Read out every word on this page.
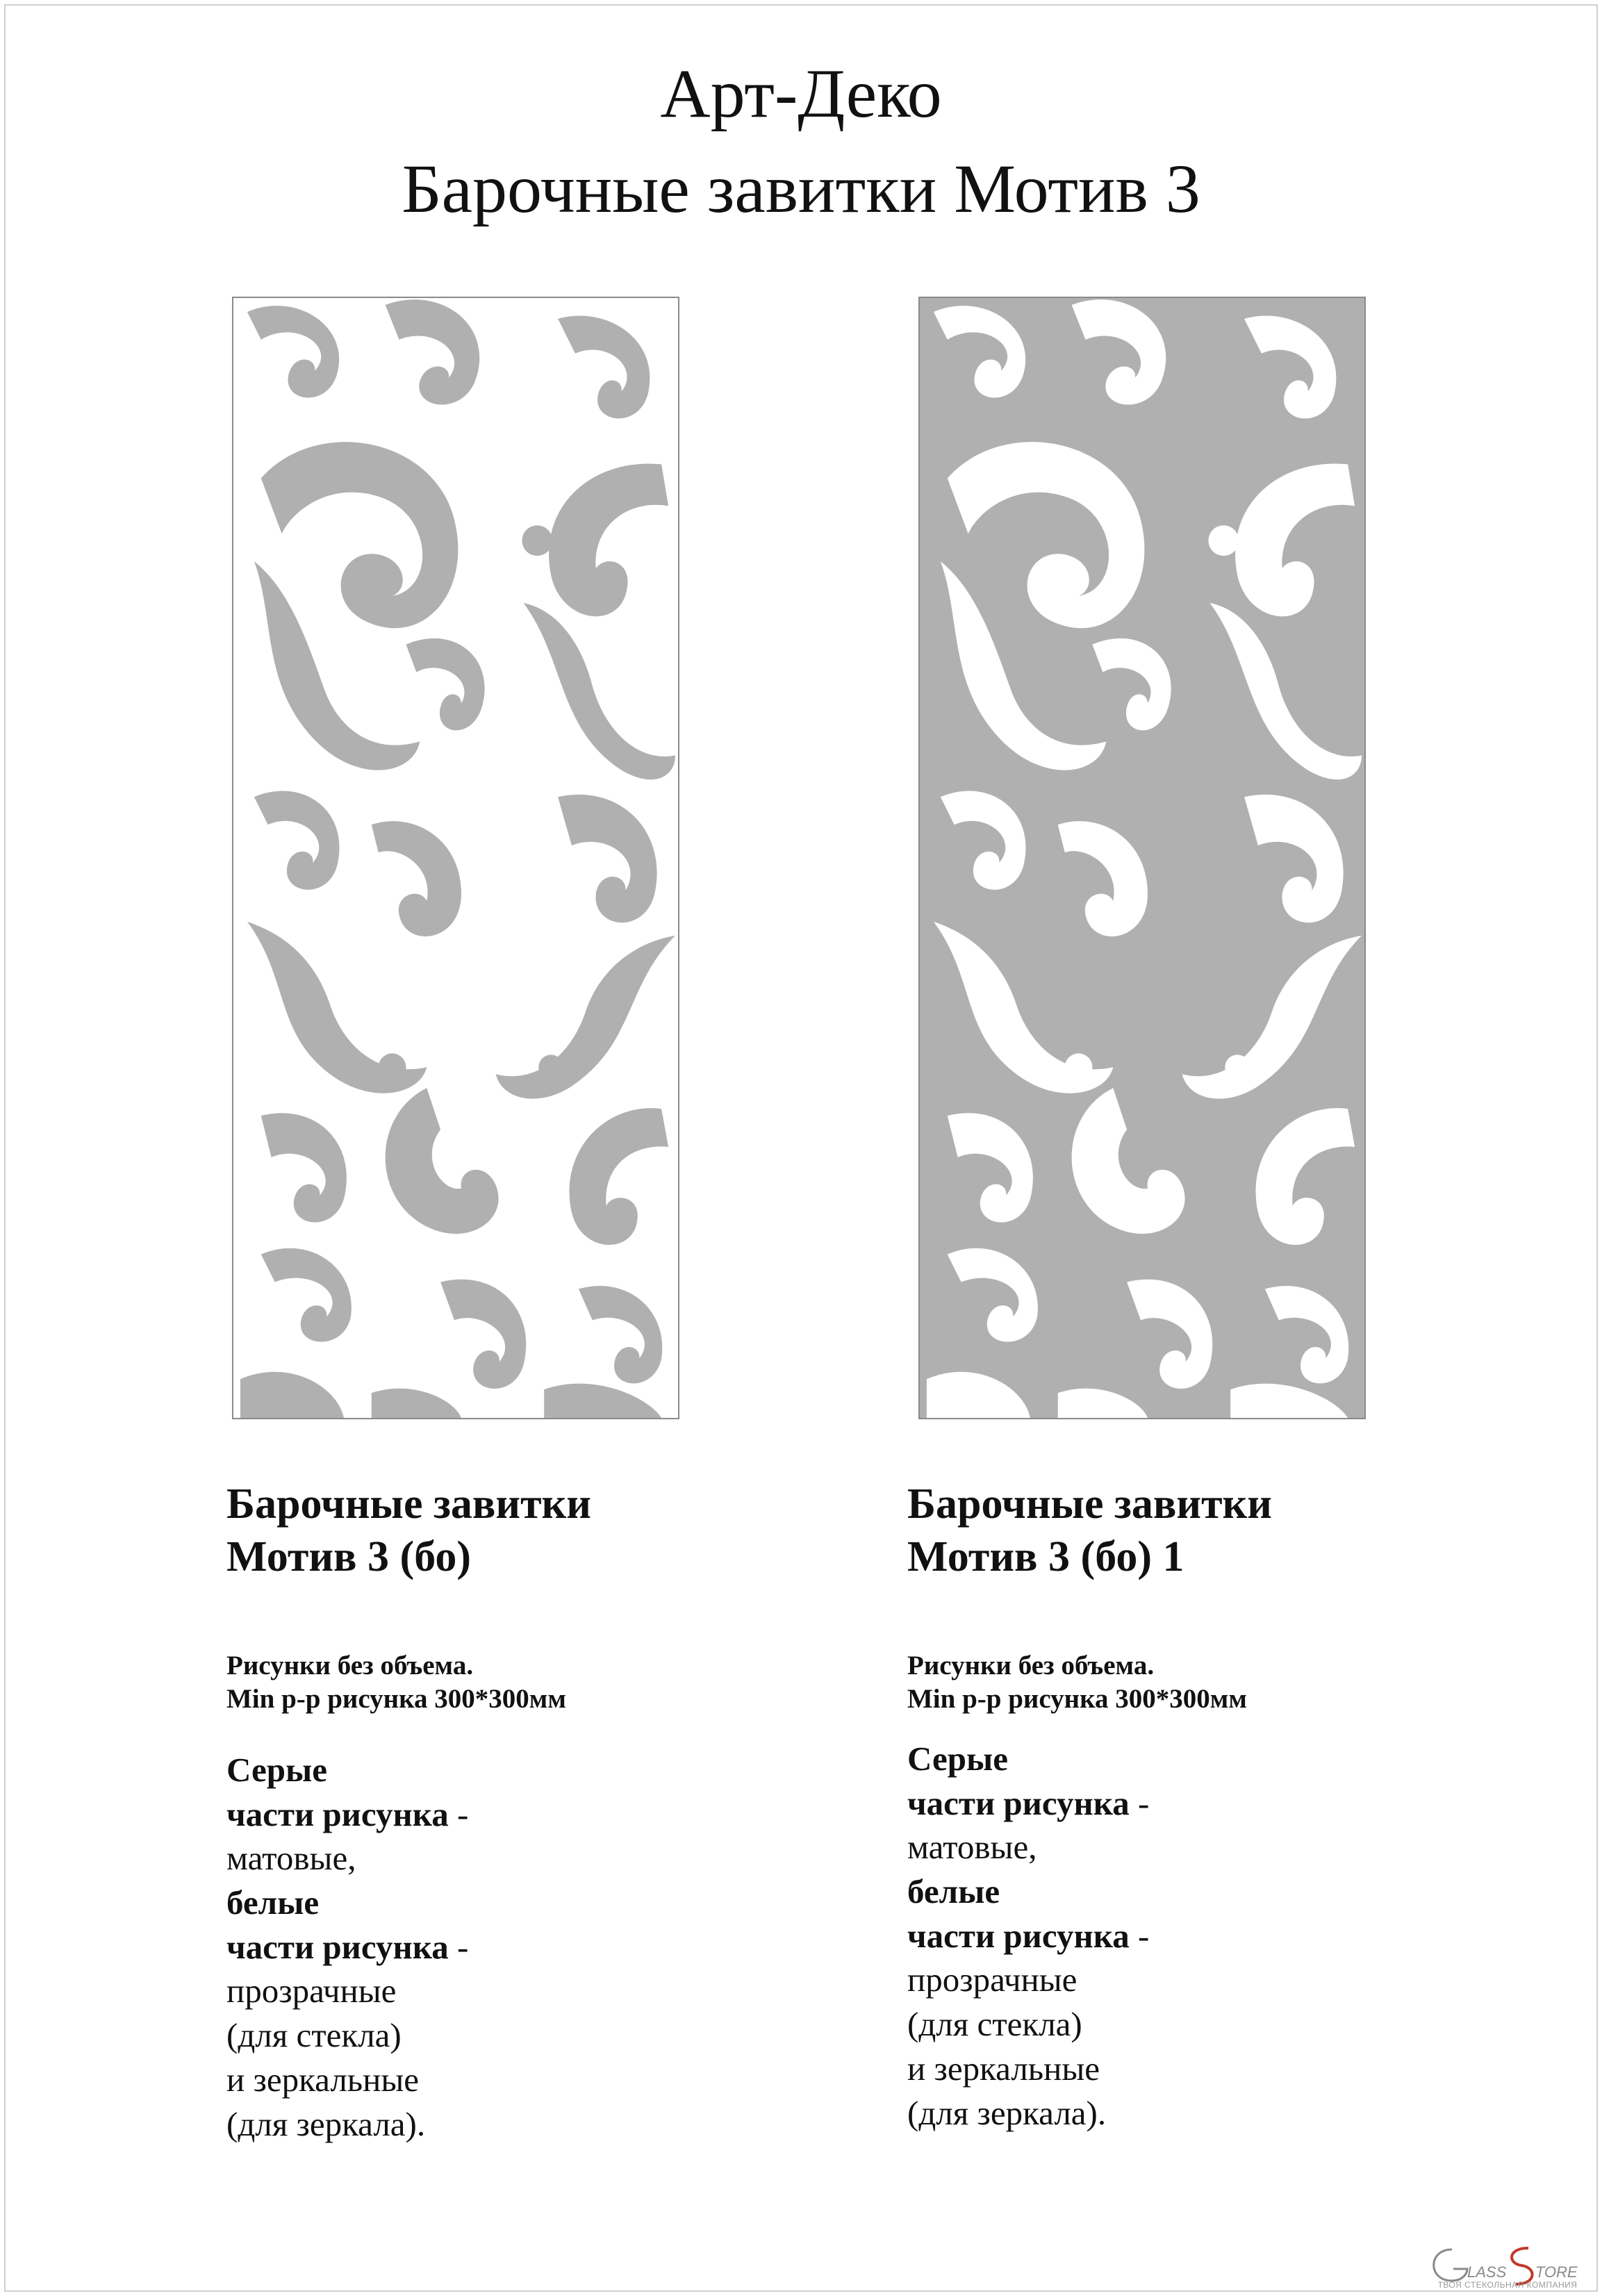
Арт-Деко
Барочные завитки Мотив 3
Барочные завитки
Мотив 3 (бо)
Рисунки без объема.
Min р-р рисунка 300*300мм
Серые
части рисунка -
матовые,
белые
части рисунка -
прозрачные
(для стекла)
и зеркальные
(для зеркала).
Барочные завитки
Мотив 3 (бо) 1
Рисунки без объема.
Min р-р рисунка 300*300мм
Серые
части рисунка -
матовые,
белые
части рисунка -
прозрачные
(для стекла)
и зеркальные
(для зеркала).
LASS TORE
ТВОЯ СТЕКОЛЬНАЯ КОМПАНИЯ
